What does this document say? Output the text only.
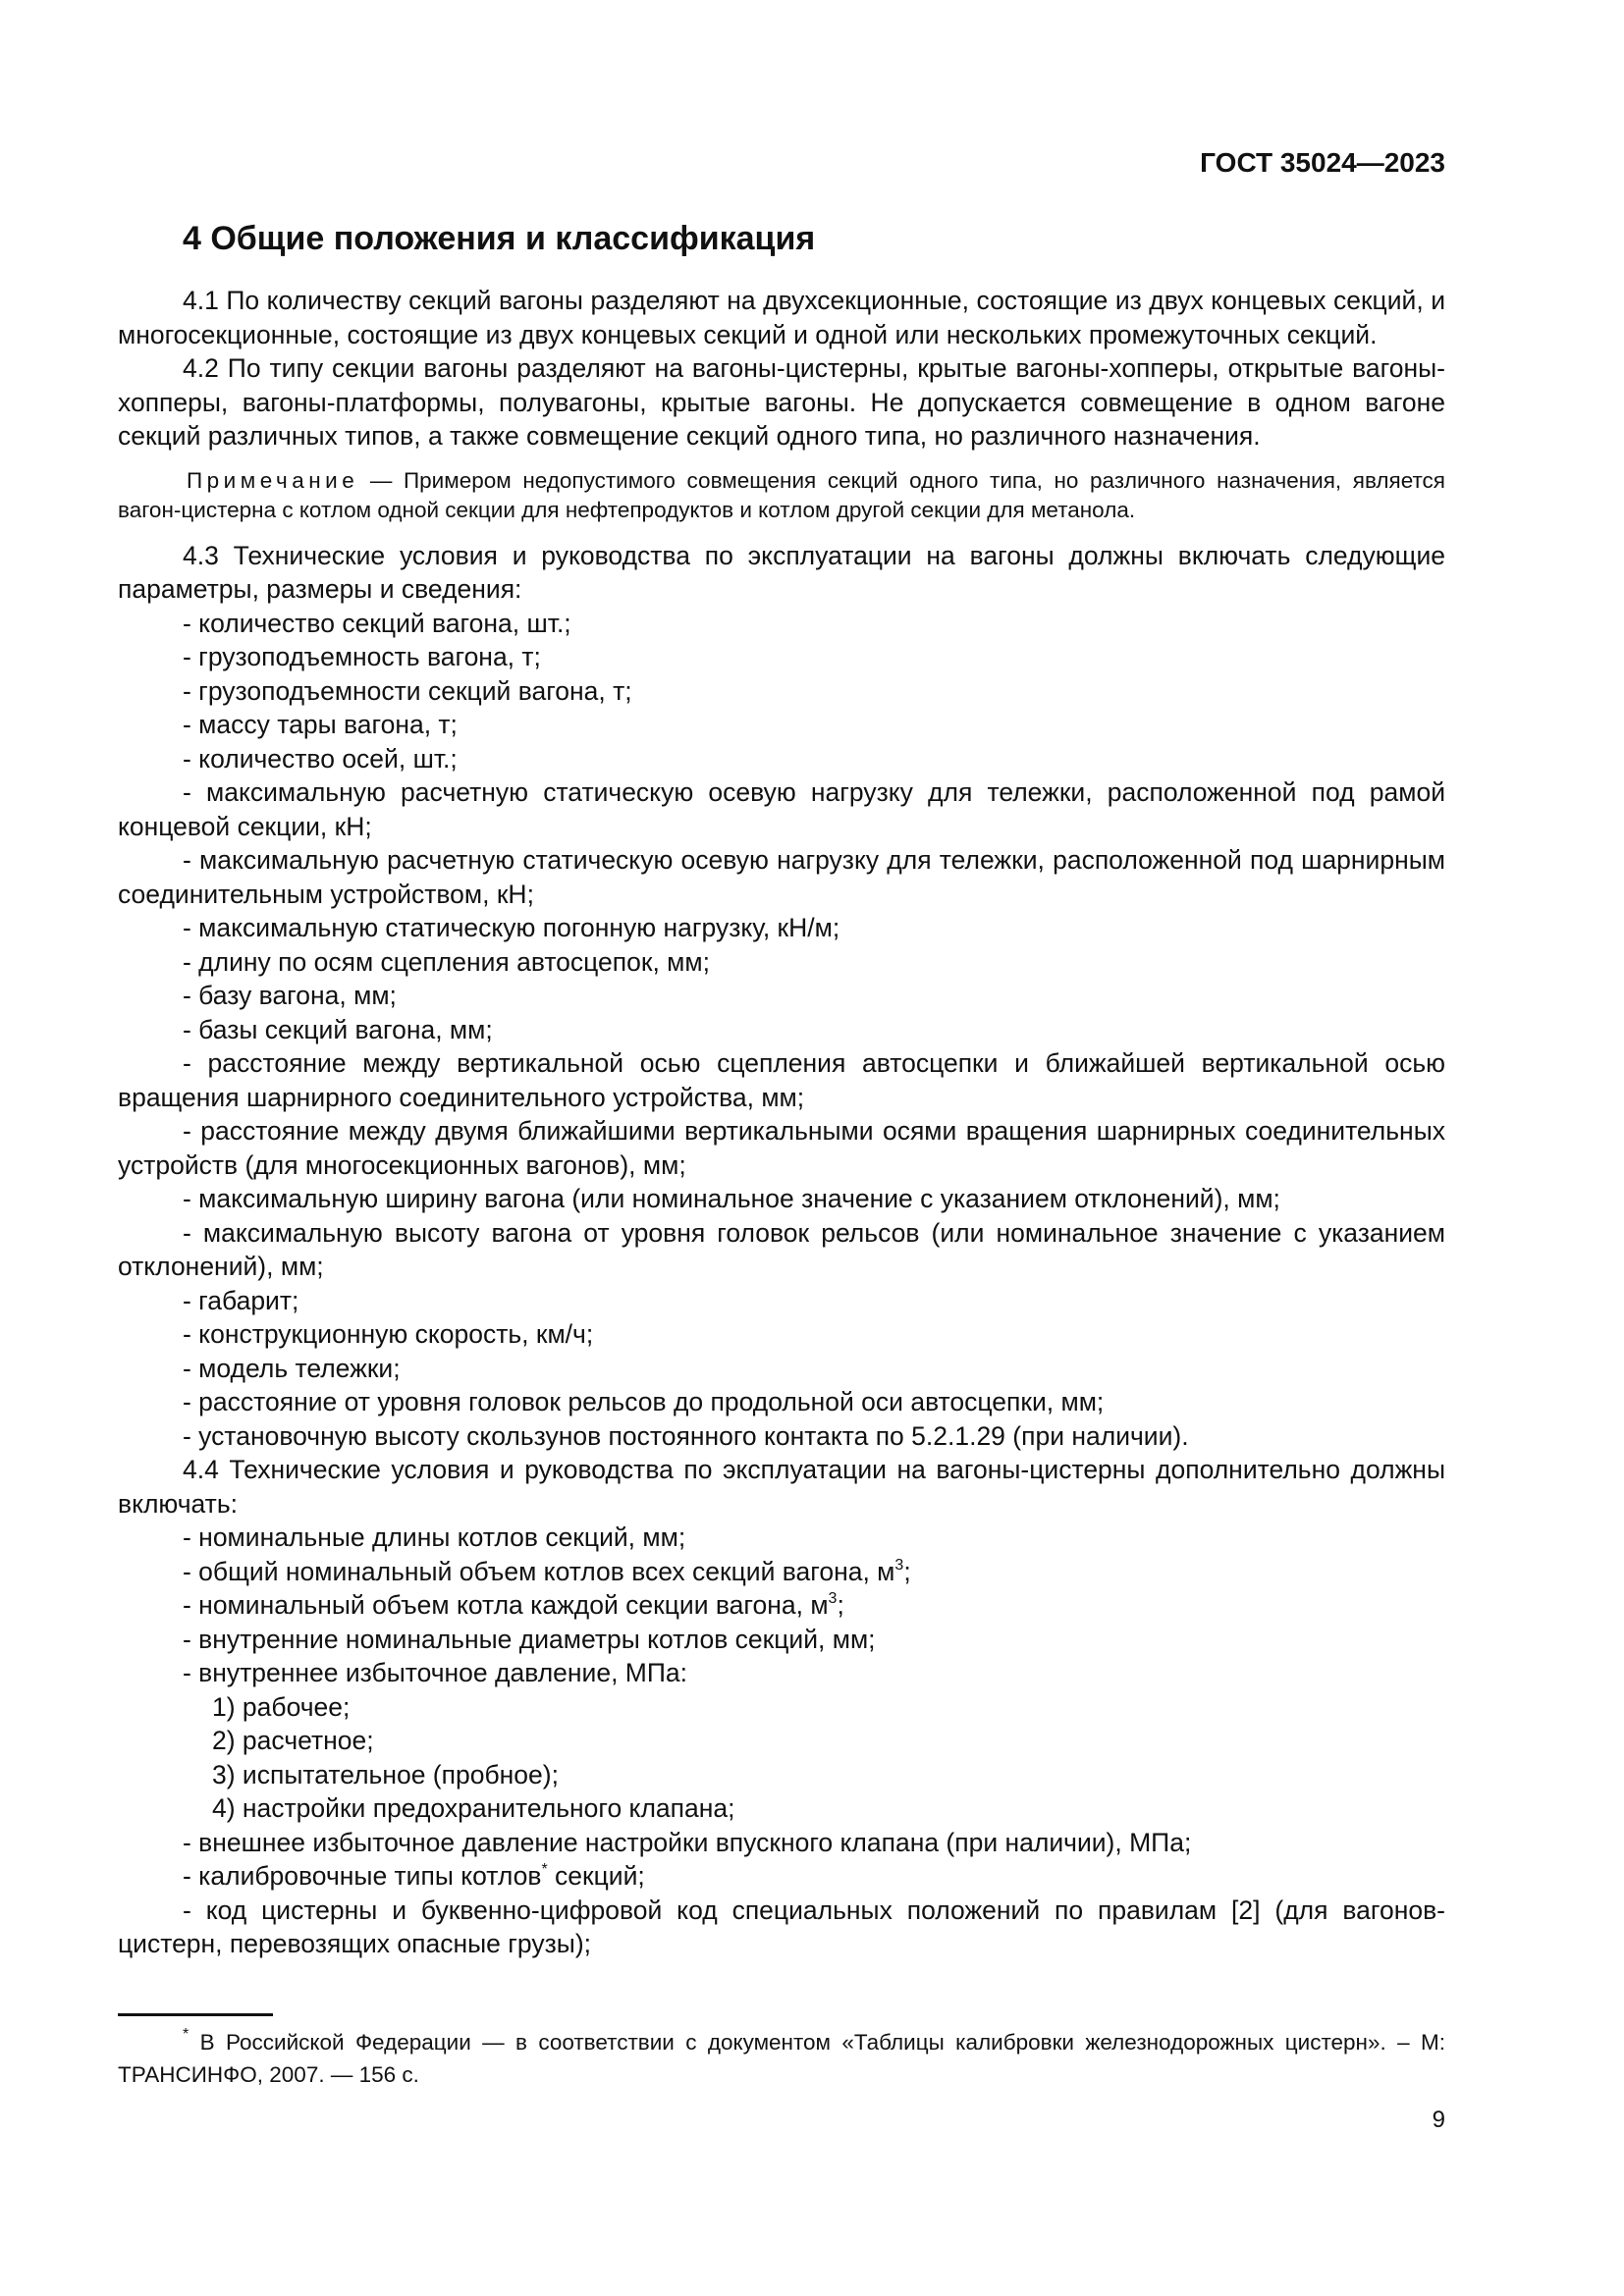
ГОСТ 35024—2023
4 Общие положения и классификация

4.1 По количеству секций вагоны разделяют на двухсекционные, состоящие из двух концевых секций, и многосекционные, состоящие из двух концевых секций и одной или нескольких промежуточных секций.

4.2 По типу секции вагоны разделяют на вагоны-цистерны, крытые вагоны-хопперы, открытые вагоны-хопперы, вагоны-платформы, полувагоны, крытые вагоны. Не допускается совмещение в одном вагоне секций различных типов, а также совмещение секций одного типа, но различного назначения.

Примечание — Примером недопустимого совмещения секций одного типа, но различного назначения, является вагон-цистерна с котлом одной секции для нефтепродуктов и котлом другой секции для метанола.

4.3 Технические условия и руководства по эксплуатации на вагоны должны включать следующие параметры, размеры и сведения:

- количество секций вагона, шт.;
- грузоподъемность вагона, т;
- грузоподъемности секций вагона, т;
- массу тары вагона, т;
- количество осей, шт.;
- максимальную расчетную статическую осевую нагрузку для тележки, расположенной под рамой концевой секции, кН;
- максимальную расчетную статическую осевую нагрузку для тележки, расположенной под шарнирным соединительным устройством, кН;
- максимальную статическую погонную нагрузку, кН/м;
- длину по осям сцепления автосцепок, мм;
- базу вагона, мм;
- базы секций вагона, мм;
- расстояние между вертикальной осью сцепления автосцепки и ближайшей вертикальной осью вращения шарнирного соединительного устройства, мм;
- расстояние между двумя ближайшими вертикальными осями вращения шарнирных соединительных устройств (для многосекционных вагонов), мм;
- максимальную ширину вагона (или номинальное значение с указанием отклонений), мм;
- максимальную высоту вагона от уровня головок рельсов (или номинальное значение с указанием отклонений), мм;
- габарит;
- конструкционную скорость, км/ч;
- модель тележки;
- расстояние от уровня головок рельсов до продольной оси автосцепки, мм;
- установочную высоту скользунов постоянного контакта по 5.2.1.29 (при наличии).

4.4 Технические условия и руководства по эксплуатации на вагоны-цистерны дополнительно должны включать:

- номинальные длины котлов секций, мм;
- общий номинальный объем котлов всех секций вагона, $м^3$;
- номинальный объем котла каждой секции вагона, $м^3$;
- внутренние номинальные диаметры котлов секций, мм;
- внутреннее избыточное давление, МПа:
1) рабочее;
2) расчетное;
3) испытательное (пробное);
4) настройки предохранительного клапана;
- внешнее избыточное давление настройки впускного клапана (при наличии), МПа;
- калибровочные типы котлов* секций;
- код цистерны и буквенно-цифровой код специальных положений по правилам [2] (для вагонов-цистерн, перевозящих опасные грузы);
* В Российской Федерации — в соответствии с документом «Таблицы калибровки железнодорожных цистерн». – М: ТРАНСИНФО, 2007. — 156 с.
9
